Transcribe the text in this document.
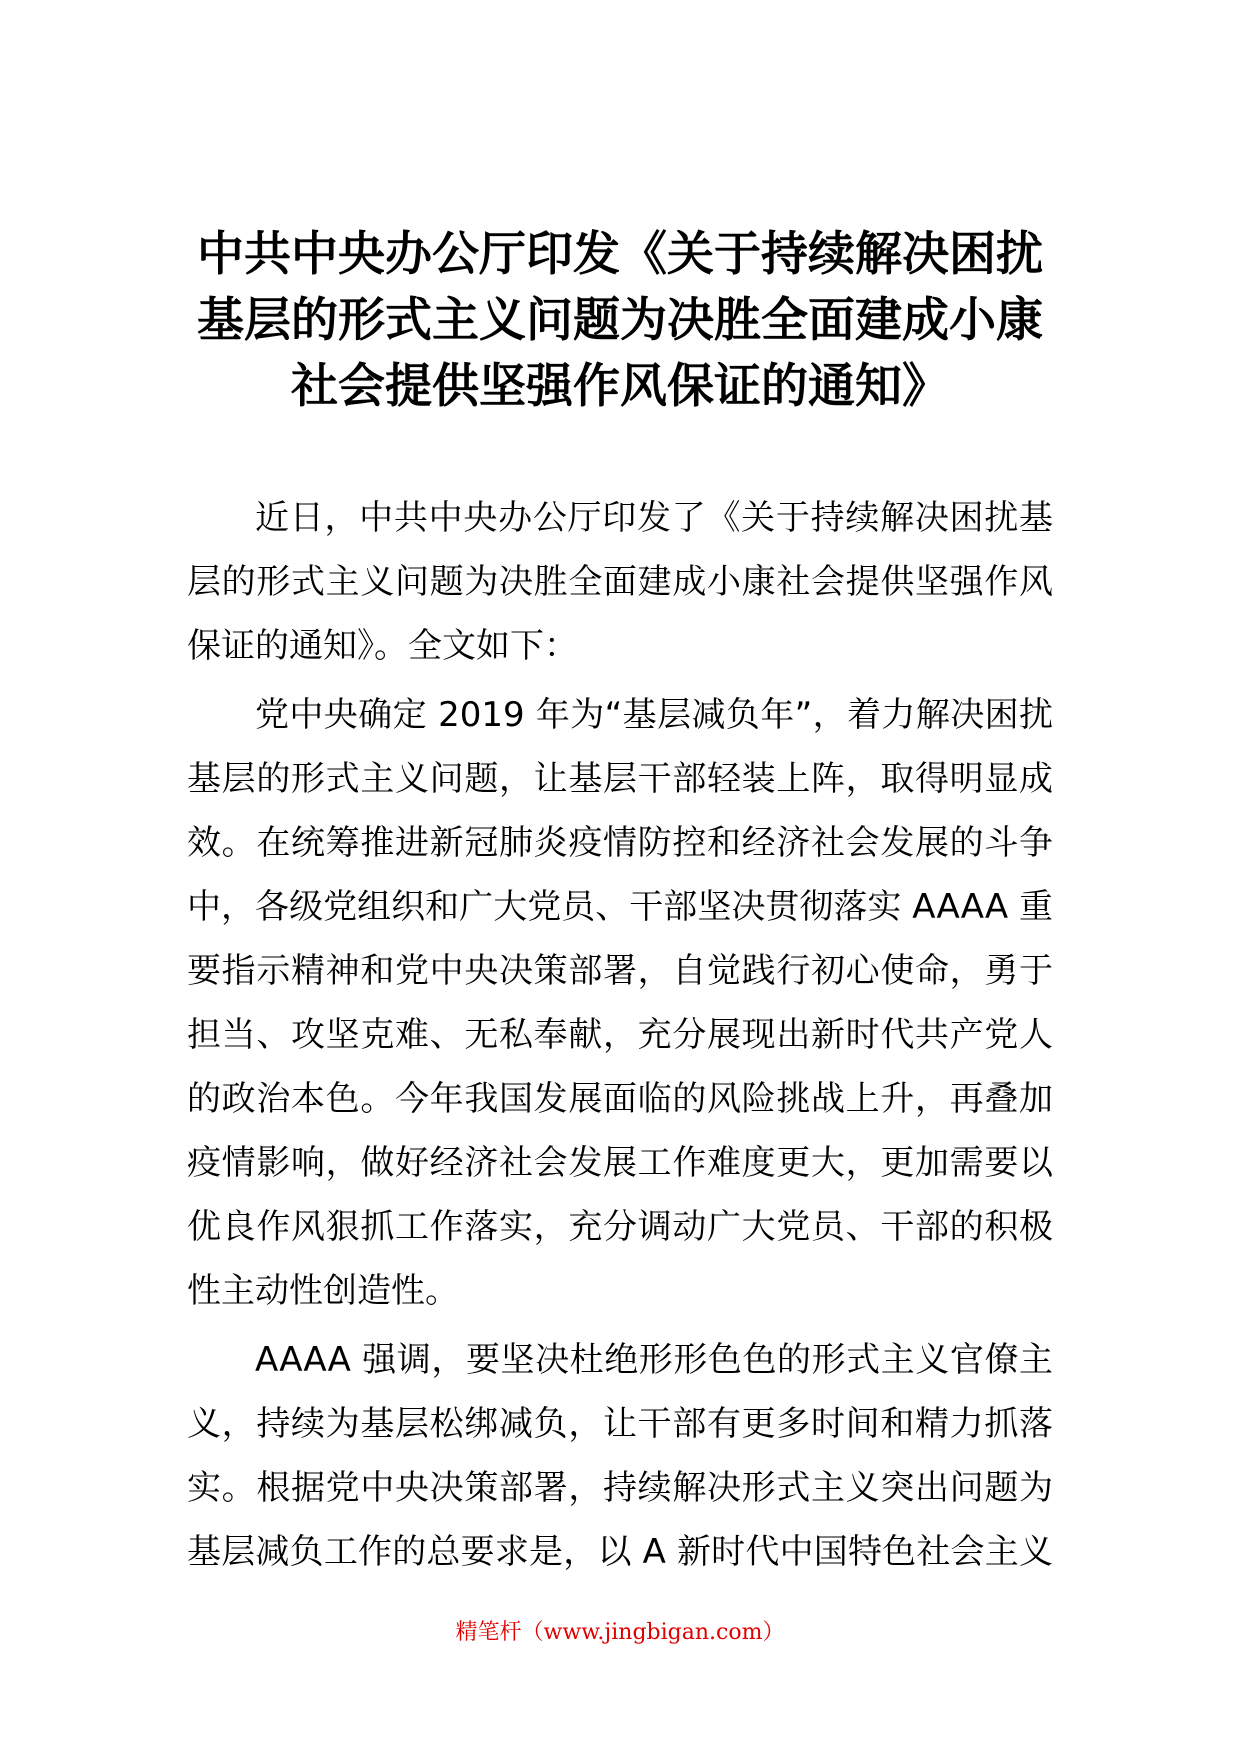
中共中央办公厅印发《关于持续解决困扰
基层的形式主义问题为决胜全面建成小康
社会提供坚强作风保证的通知》
近日，中共中央办公厅印发了《关于持续解决困扰基
层的形式主义问题为决胜全面建成小康社会提供坚强作风
保证的通知》。全文如下：
党中央确定 2019 年为“基层减负年”，着力解决困扰
基层的形式主义问题，让基层干部轻装上阵，取得明显成
效。在统筹推进新冠肺炎疫情防控和经济社会发展的斗争
中，各级党组织和广大党员、干部坚决贯彻落实 AAAA 重
要指示精神和党中央决策部署，自觉践行初心使命，勇于
担当、攻坚克难、无私奉献，充分展现出新时代共产党人
的政治本色。今年我国发展面临的风险挑战上升，再叠加
疫情影响，做好经济社会发展工作难度更大，更加需要以
优良作风狠抓工作落实，充分调动广大党员、干部的积极
性主动性创造性。
AAAA 强调，要坚决杜绝形形色色的形式主义官僚主
义，持续为基层松绑减负，让干部有更多时间和精力抓落
实。根据党中央决策部署，持续解决形式主义突出问题为
基层减负工作的总要求是，以 A 新时代中国特色社会主义
精笔杆（www.jingbigan.com）
